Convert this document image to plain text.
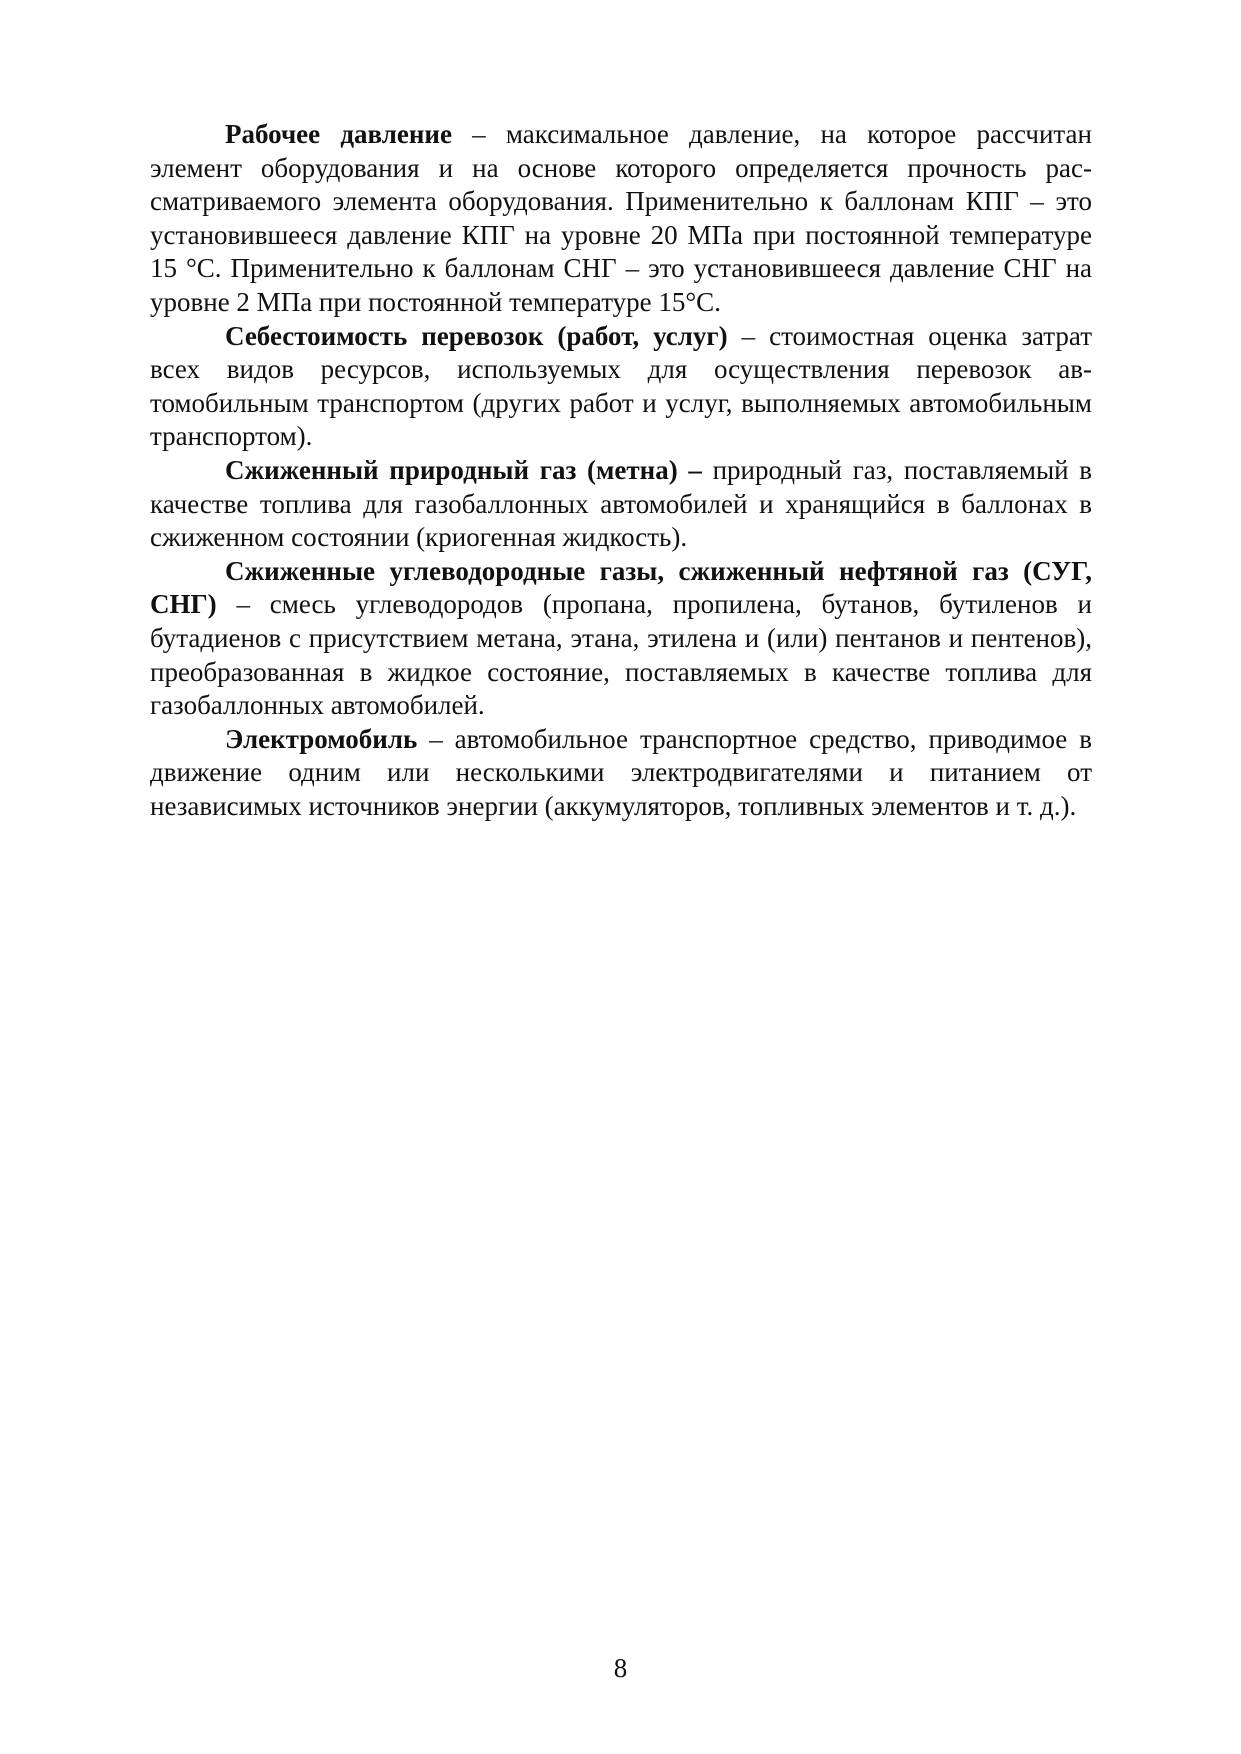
Рабочее давление – максимальное давление, на которое рассчитан элемент оборудования и на основе которого определяется прочность рассматриваемого элемента оборудования. Применительно к баллонам КПГ – это установившееся давление КПГ на уровне 20 МПа при постоянной температуре 15 °С. Применительно к баллонам СНГ – это установившееся давление СНГ на уровне 2 МПа при постоянной температуре 15°С.

Себестоимость перевозок (работ, услуг) – стоимостная оценка затрат всех видов ресурсов, используемых для осуществления перевозок автомобильным транспортом (других работ и услуг, выполняемых автомобильным транспортом).

Сжиженный природный газ (метна) – природный газ, поставляемый в качестве топлива для газобаллонных автомобилей и хранящийся в баллонах в сжиженном состоянии (криогенная жидкость).

Сжиженные углеводородные газы, сжиженный нефтяной газ (СУГ, СНГ) – смесь углеводородов (пропана, пропилена, бутанов, бутиленов и бутадиенов с присутствием метана, этана, этилена и (или) пентанов и пентенов), преобразованная в жидкое состояние, поставляемых в качестве топлива для газобаллонных автомобилей.

Электромобиль – автомобильное транспортное средство, приводимое в движение одним или несколькими электродвигателями и питанием от независимых источников энергии (аккумуляторов, топливных элементов и т. д.).

8
